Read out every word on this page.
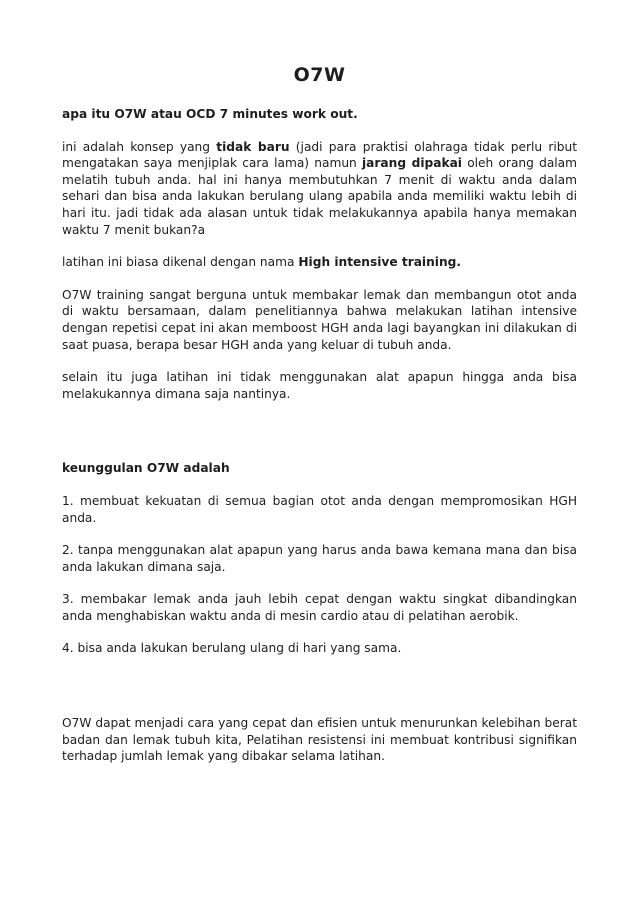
O7W

apa itu O7W atau OCD 7 minutes work out.

ini adalah konsep yang tidak baru (jadi para praktisi olahraga tidak perlu ribut mengatakan saya menjiplak cara lama) namun jarang dipakai oleh orang dalam melatih tubuh anda. hal ini hanya membutuhkan 7 menit di waktu anda dalam sehari dan bisa anda lakukan berulang ulang apabila anda memiliki waktu lebih di hari itu. jadi tidak ada alasan untuk tidak melakukannya apabila hanya memakan waktu 7 menit bukan?a

latihan ini biasa dikenal dengan nama High intensive training.

O7W training sangat berguna untuk membakar lemak dan membangun otot anda di waktu bersamaan, dalam penelitiannya bahwa melakukan latihan intensive dengan repetisi cepat ini akan memboost HGH anda lagi bayangkan ini dilakukan di saat puasa, berapa besar HGH anda yang keluar di tubuh anda.

selain itu juga latihan ini tidak menggunakan alat apapun hingga anda bisa melakukannya dimana saja nantinya.

keunggulan O7W adalah

1. membuat kekuatan di semua bagian otot anda dengan mempromosikan HGH anda.

2. tanpa menggunakan alat apapun yang harus anda bawa kemana mana dan bisa anda lakukan dimana saja.

3. membakar lemak anda jauh lebih cepat dengan waktu singkat dibandingkan anda menghabiskan waktu anda di mesin cardio atau di pelatihan aerobik.

4. bisa anda lakukan berulang ulang di hari yang sama.

O7W dapat menjadi cara yang cepat dan efisien untuk menurunkan kelebihan berat badan dan lemak tubuh kita, Pelatihan resistensi ini membuat kontribusi signifikan terhadap jumlah lemak yang dibakar selama latihan.
